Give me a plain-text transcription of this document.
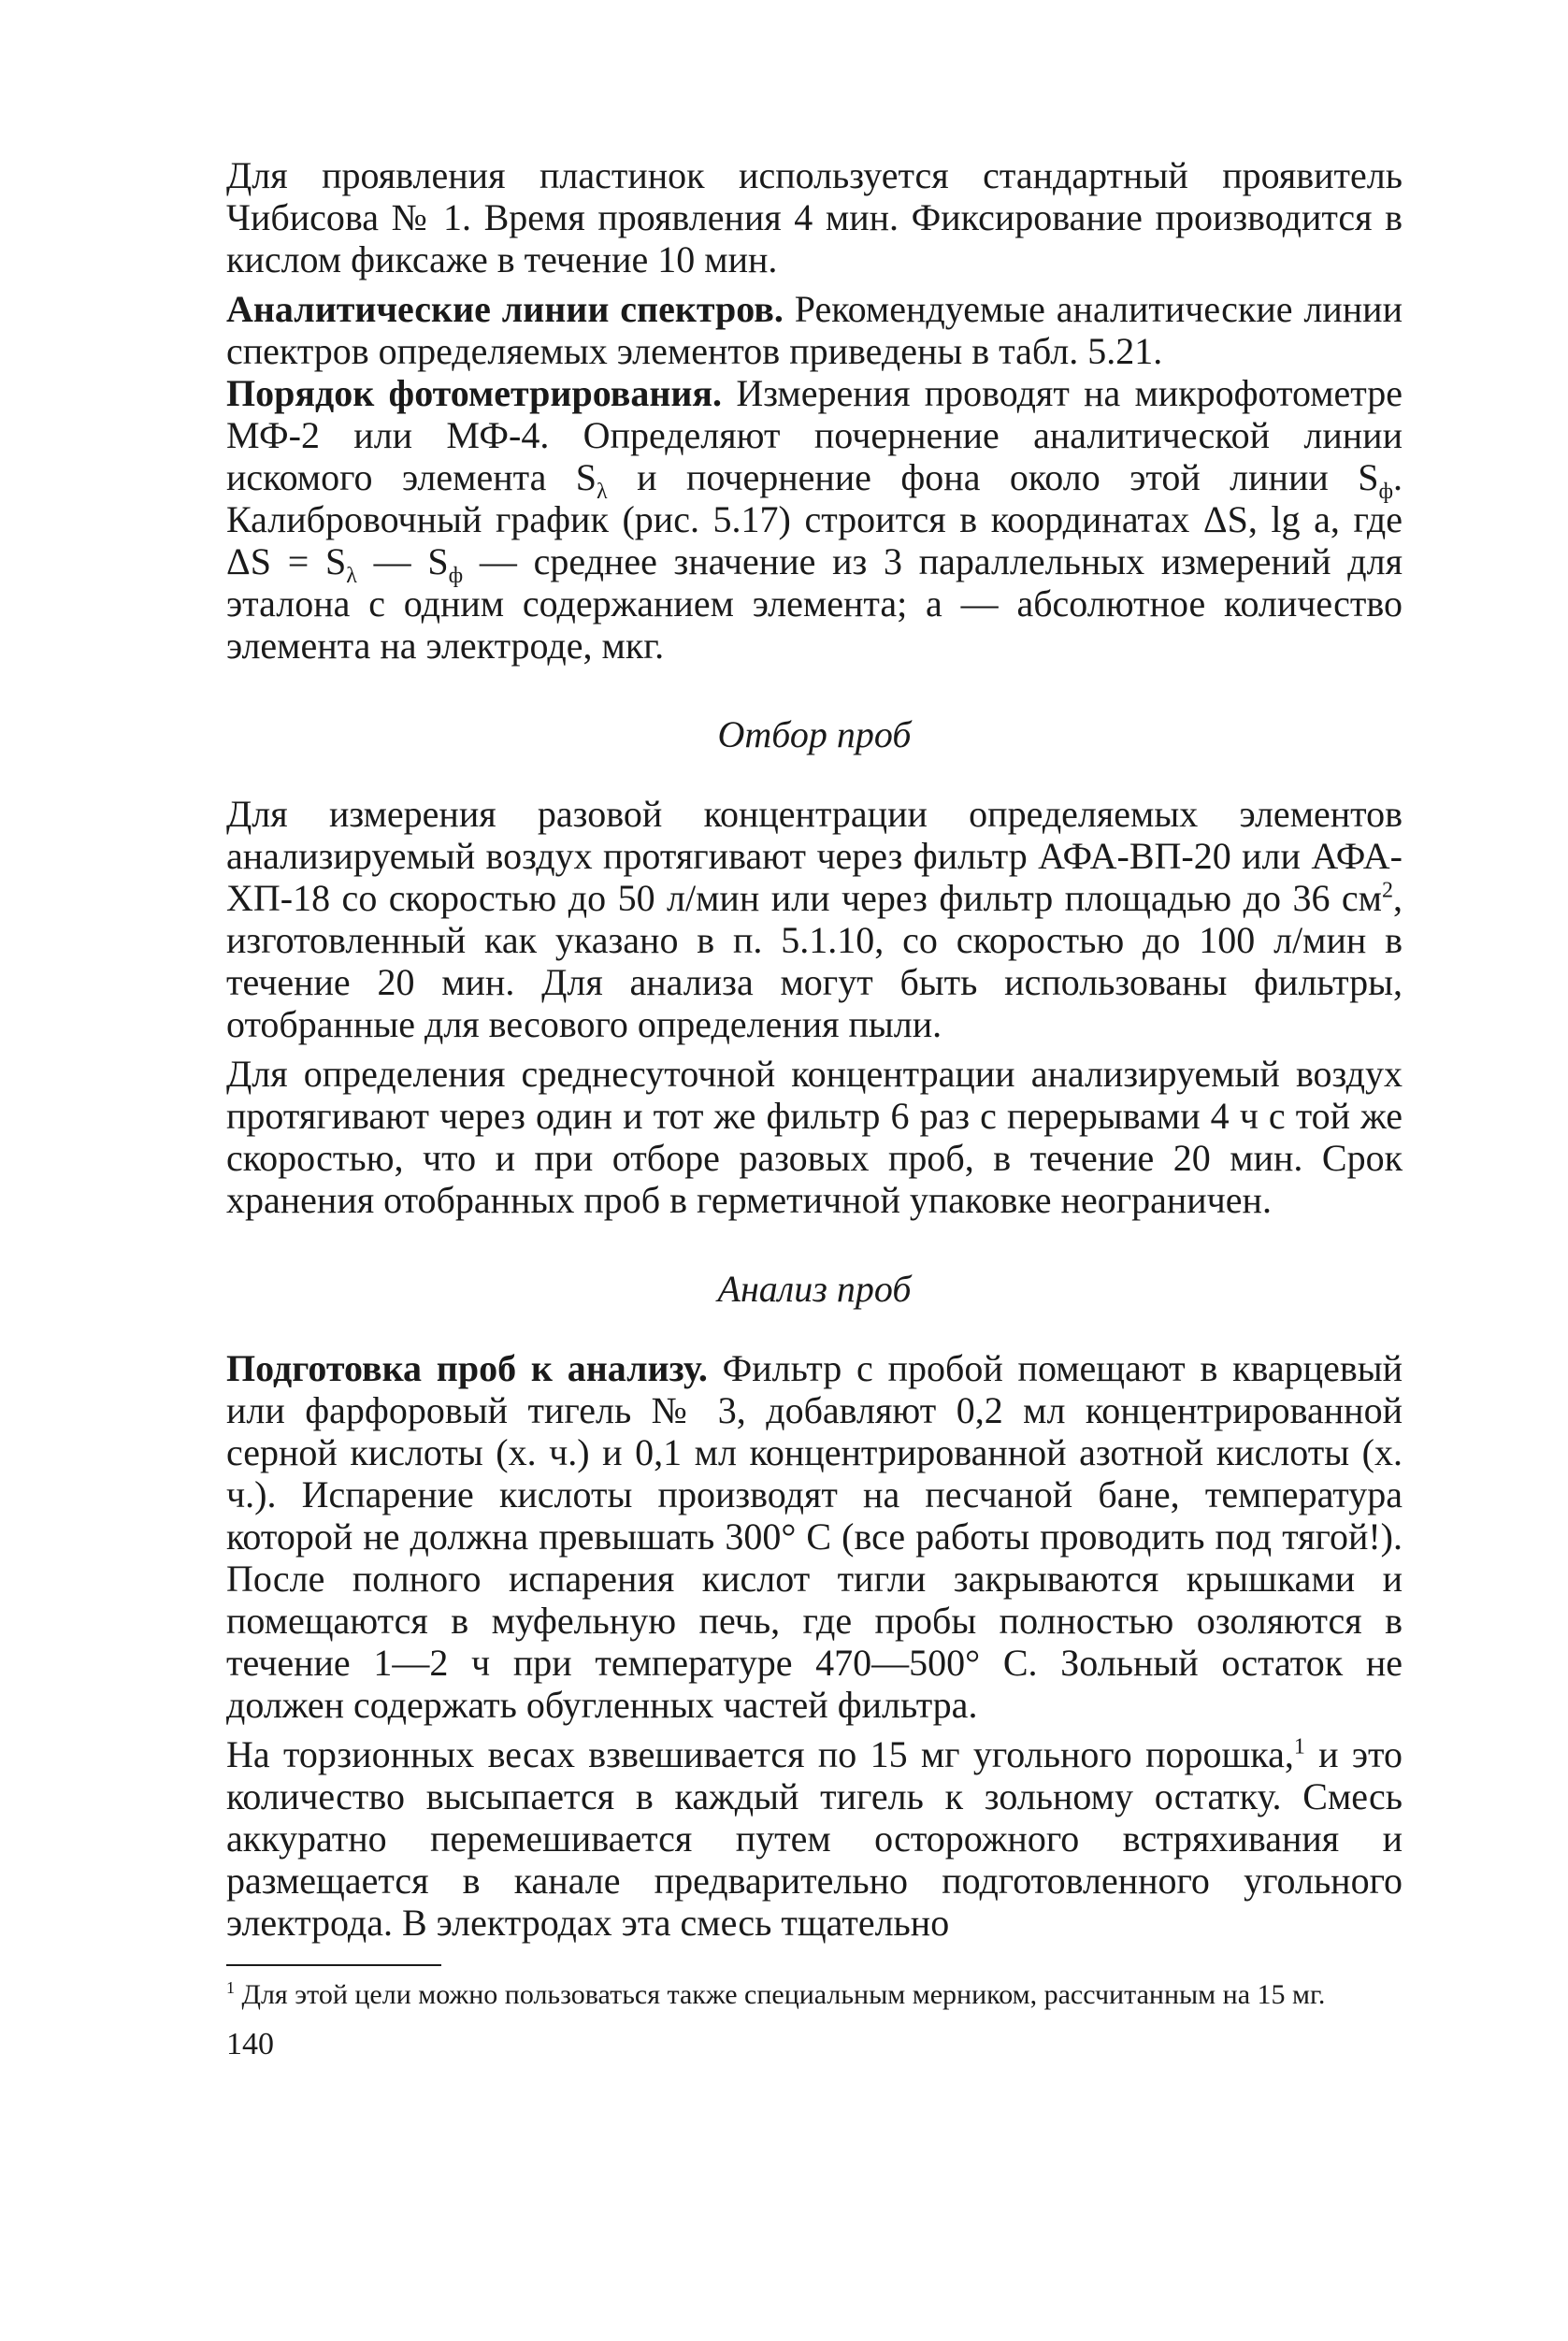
Для проявления пластинок используется стандартный проявитель Чибисова № 1. Время проявления 4 мин. Фиксирование производится в кислом фиксаже в течение 10 мин.

Аналитические линии спектров. Рекомендуемые аналитические линии спектров определяемых элементов приведены в табл. 5.21.

Порядок фотометрирования. Измерения проводят на микрофотометре МФ-2 или МФ-4. Определяют почернение аналитической линии искомого элемента $S_\lambda$ и почернение фона около этой линии $S_ф$. Калибровочный график (рис. 5.17) строится в координатах ΔS, lg a, где $\Delta S = S_\lambda$ — $S_ф$ — среднее значение из 3 параллельных измерений для эталона с одним содержанием элемента; a — абсолютное количество элемента на электроде, мкг.

Отбор проб

Для измерения разовой концентрации определяемых элементов анализируемый воздух протягивают через фильтр АФА-ВП-20 или АФА-ХП-18 со скоростью до 50 л/мин или через фильтр площадью до 36 $см^2$, изготовленный как указано в п. 5.1.10, со скоростью до 100 л/мин в течение 20 мин. Для анализа могут быть использованы фильтры, отобранные для весового определения пыли.

Для определения среднесуточной концентрации анализируемый воздух протягивают через один и тот же фильтр 6 раз с перерывами 4 ч с той же скоростью, что и при отборе разовых проб, в течение 20 мин. Срок хранения отобранных проб в герметичной упаковке неограничен.

Анализ проб

Подготовка проб к анализу. Фильтр с пробой помещают в кварцевый или фарфоровый тигель № 3, добавляют 0,2 мл концентрированной серной кислоты (х. ч.) и 0,1 мл концентрированной азотной кислоты (х. ч.). Испарение кислоты производят на песчаной бане, температура которой не должна превышать 300° С (все работы проводить под тягой!). После полного испарения кислот тигли закрываются крышками и помещаются в муфельную печь, где пробы полностью озоляются в течение 1—2 ч при температуре 470—500° С. Зольный остаток не должен содержать обугленных частей фильтра.

На торзионных весах взвешивается по 15 мг угольного порошка,$^1$ и это количество высыпается в каждый тигель к зольному остатку. Смесь аккуратно перемешивается путем осторожного встряхивания и размещается в канале предварительно подготовленного угольного электрода. В электродах эта смесь тщательно

$^1$ Для этой цели можно пользоваться также специальным мерником, рассчитанным на 15 мг.

140
